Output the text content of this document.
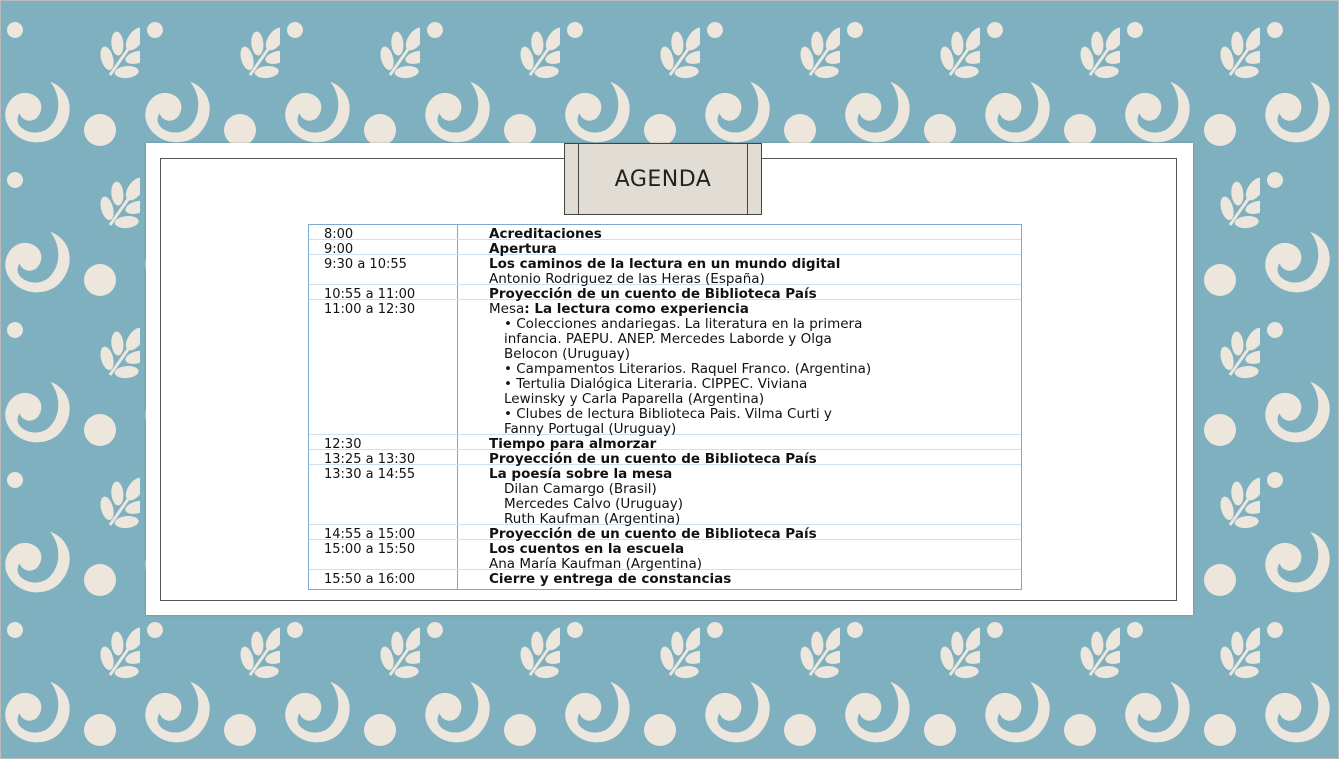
AGENDA
8:00	Acreditaciones
9:00	Apertura
9:30 a 10:55	Los caminos de la lectura en un mundo digital
Antonio Rodriguez de las Heras (España)
10:55 a 11:00	Proyección de un cuento de Biblioteca País
11:00 a 12:30	Mesa: La lectura como experiencia
• Colecciones andariegas. La literatura en la primera
infancia. PAEPU. ANEP. Mercedes Laborde y Olga
Belocon (Uruguay)
• Campamentos Literarios. Raquel Franco. (Argentina)
• Tertulia Dialógica Literaria. CIPPEC. Viviana
Lewinsky y Carla Paparella (Argentina)
• Clubes de lectura Biblioteca Pais. Vilma Curti y
Fanny Portugal (Uruguay)
12:30	Tiempo para almorzar
13:25 a 13:30	Proyección de un cuento de Biblioteca País
13:30 a 14:55	La poesía sobre la mesa
Dilan Camargo (Brasil)
Mercedes Calvo (Uruguay)
Ruth Kaufman (Argentina)
14:55 a 15:00	Proyección de un cuento de Biblioteca País
15:00 a 15:50	Los cuentos en la escuela
Ana María Kaufman (Argentina)
15:50 a 16:00	Cierre y entrega de constancias
